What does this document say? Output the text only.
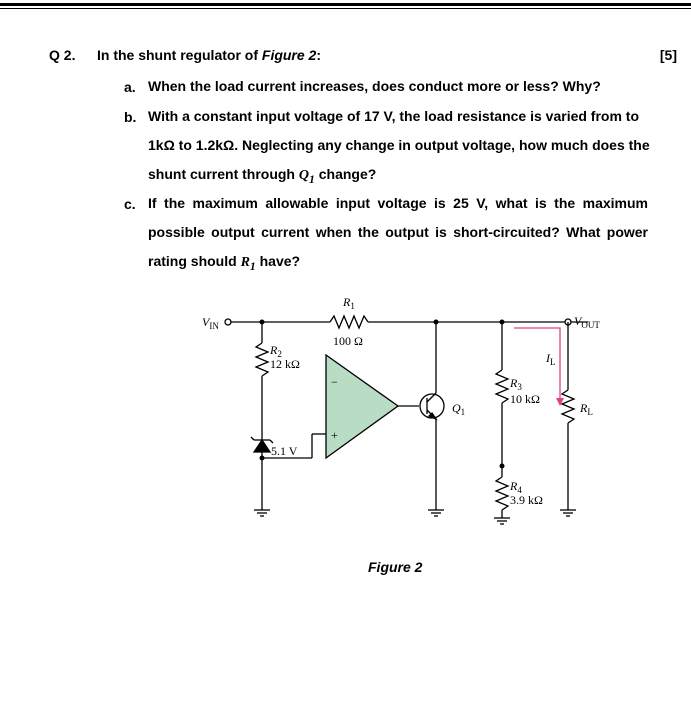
Q 2. In the shunt regulator of Figure 2:	[5]
a. When the load current increases, does conduct more or less? Why?
b. With a constant input voltage of 17 V, the load resistance is varied from to
1kΩ to 1.2kΩ. Neglecting any change in output voltage, how much does the
shunt current through $Q_1$ change?
c. If the maximum allowable input voltage is 25 V, what is the maximum
possible output current when the output is short-circuited? What power
rating should $R_1$ have?
$V_{IN}$	$V_{OUT}$
$R_1$
100 Ω
$R_2$
12 kΩ
5.1 V
$R_3$
10 kΩ
$R_4$
3.9 kΩ
$R_L$
$I_L$
$Q_1$
−
+
Figure 2
